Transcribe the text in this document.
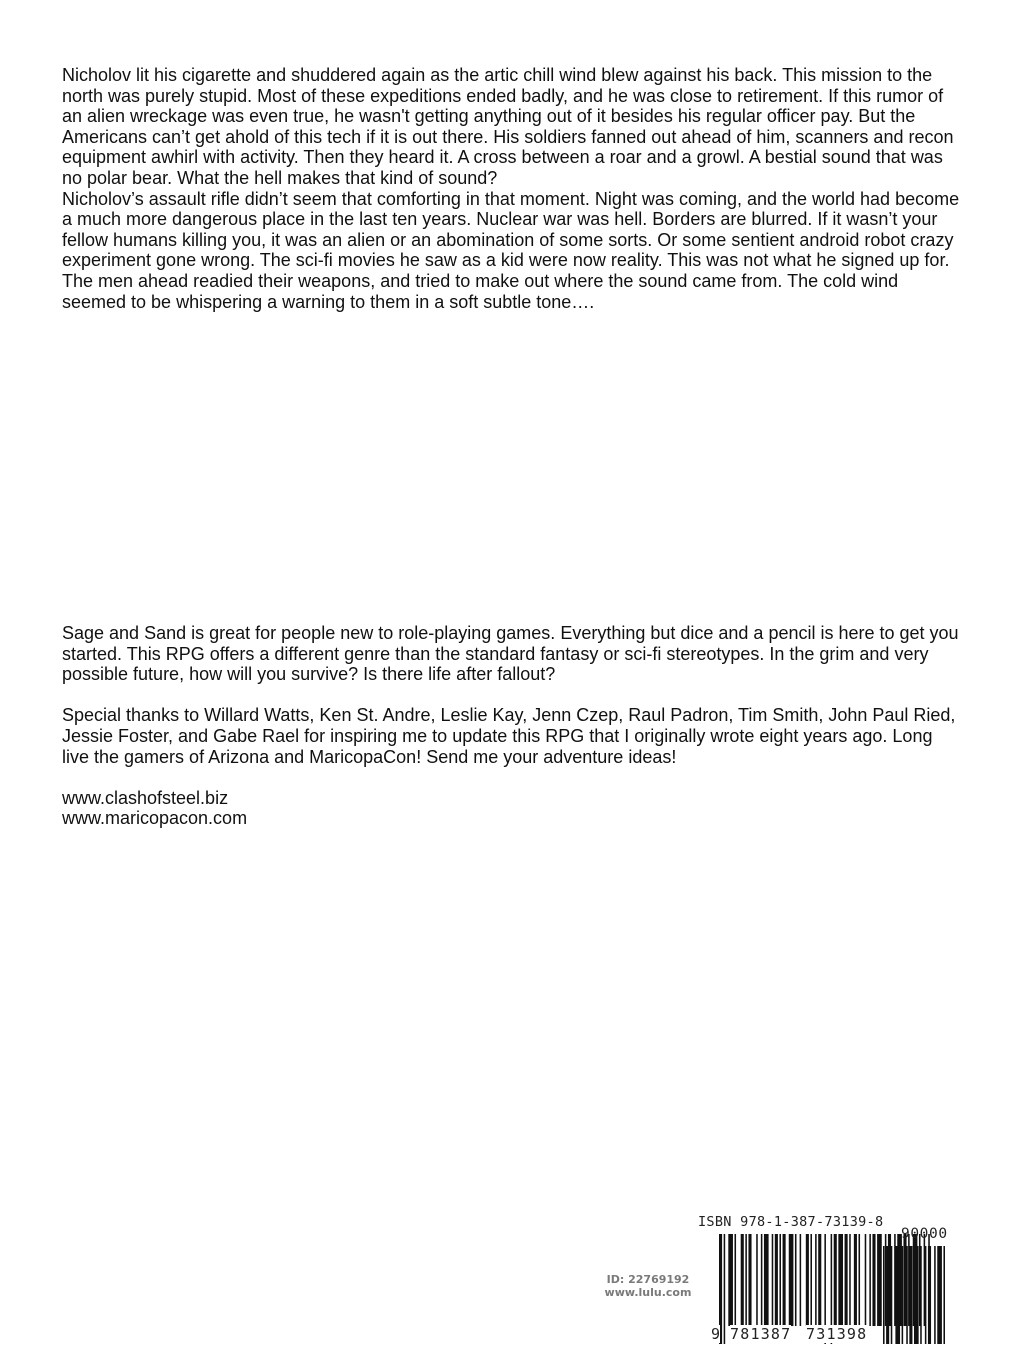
Nicholov lit his cigarette and shuddered again as the artic chill wind blew against his back. This mission to the north was purely stupid. Most of these expeditions ended badly, and he was close to retirement. If this rumor of an alien wreckage was even true, he wasn't getting anything out of it besides his regular officer pay. But the Americans can’t get ahold of this tech if it is out there. His soldiers fanned out ahead of him, scanners and recon equipment awhirl with activity. Then they heard it. A cross between a roar and a growl. A bestial sound that was no polar bear. What the hell makes that kind of sound?

Nicholov’s assault rifle didn’t seem that comforting in that moment. Night was coming, and the world had become a much more dangerous place in the last ten years. Nuclear war was hell. Borders are blurred. If it wasn’t your fellow humans killing you, it was an alien or an abomination of some sorts. Or some sentient android robot crazy experiment gone wrong. The sci-fi movies he saw as a kid were now reality. This was not what he signed up for. The men ahead readied their weapons, and tried to make out where the sound came from. The cold wind seemed to be whispering a warning to them in a soft subtle tone….

Sage and Sand is great for people new to role-playing games. Everything but dice and a pencil is here to get you started. This RPG offers a different genre than the standard fantasy or sci-fi stereotypes. In the grim and very possible future, how will you survive? Is there life after fallout?

Special thanks to Willard Watts, Ken St. Andre, Leslie Kay, Jenn Czep, Raul Padron, Tim Smith, John Paul Ried, Jessie Foster, and Gabe Rael for inspiring me to update this RPG that I originally wrote eight years ago. Long live the gamers of Arizona and MaricopaCon! Send me your adventure ideas!

www.clashofsteel.biz
www.maricopacon.com

ID: 22769192
www.lulu.com
ISBN 978-1-387-73139-8
90000
9 781387 731398
